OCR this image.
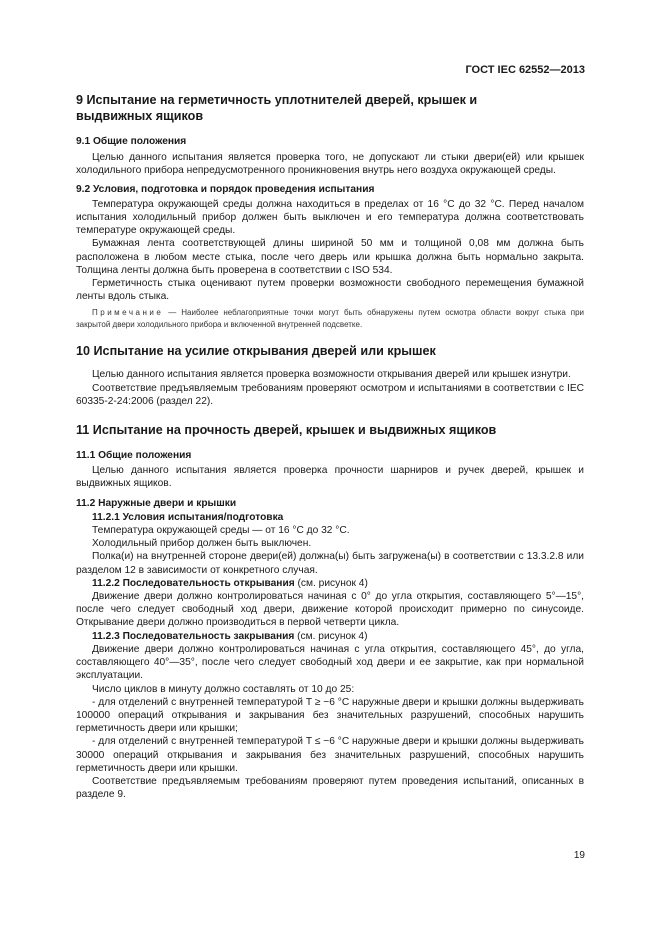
ГОСТ IEC 62552—2013
9 Испытание на герметичность уплотнителей дверей, крышек и выдвижных ящиков
9.1 Общие положения

Целью данного испытания является проверка того, не допускают ли стыки двери(ей) или крышек холодильного прибора непредусмотренного проникновения внутрь него воздуха окружающей среды.

9.2 Условия, подготовка и порядок проведения испытания

Температура окружающей среды должна находиться в пределах от 16 °С до 32 °С. Перед началом испытания холодильный прибор должен быть выключен и его температура должна соответствовать температуре окружающей среды.

Бумажная лента соответствующей длины шириной 50 мм и толщиной 0,08 мм должна быть расположена в любом месте стыка, после чего дверь или крышка должна быть нормально закрыта. Толщина ленты должна быть проверена в соответствии с ISO 534.

Герметичность стыка оценивают путем проверки возможности свободного перемещения бумажной ленты вдоль стыка.

Примечание — Наиболее неблагоприятные точки могут быть обнаружены путем осмотра области вокруг стыка при закрытой двери холодильного прибора и включенной внутренней подсветке.

10 Испытание на усилие открывания дверей или крышек

Целью данного испытания является проверка возможности открывания дверей или крышек изнутри.

Соответствие предъявляемым требованиям проверяют осмотром и испытаниями в соответствии с IEC 60335-2-24:2006 (раздел 22).

11 Испытание на прочность дверей, крышек и выдвижных ящиков
11.1 Общие положения

Целью данного испытания является проверка прочности шарниров и ручек дверей, крышек и выдвижных ящиков.

11.2 Наружные двери и крышки
11.2.1 Условия испытания/подготовка

Температура окружающей среды — от 16 °С до 32 °С.

Холодильный прибор должен быть выключен.

Полка(и) на внутренней стороне двери(ей) должна(ы) быть загружена(ы) в соответствии с 13.3.2.8 или разделом 12 в зависимости от конкретного случая.

11.2.2 Последовательность открывания (см. рисунок 4)

Движение двери должно контролироваться начиная с 0° до угла открытия, составляющего 5°—15°, после чего следует свободный ход двери, движение которой происходит примерно по синусоиде. Открывание двери должно производиться в первой четверти цикла.

11.2.3 Последовательность закрывания (см. рисунок 4)

Движение двери должно контролироваться начиная с угла открытия, составляющего 45°, до угла, составляющего 40°—35°, после чего следует свободный ход двери и ее закрытие, как при нормальной эксплуатации.

Число циклов в минуту должно составлять от 10 до 25:

- для отделений с внутренней температурой T ≥ −6 °С наружные двери и крышки должны выдерживать 100000 операций открывания и закрывания без значительных разрушений, способных нарушить герметичность двери или крышки;

- для отделений с внутренней температурой T ≤ −6 °С наружные двери и крышки должны выдерживать 30000 операций открывания и закрывания без значительных разрушений, способных нарушить герметичность двери или крышки.

Соответствие предъявляемым требованиям проверяют путем проведения испытаний, описанных в разделе 9.

19
